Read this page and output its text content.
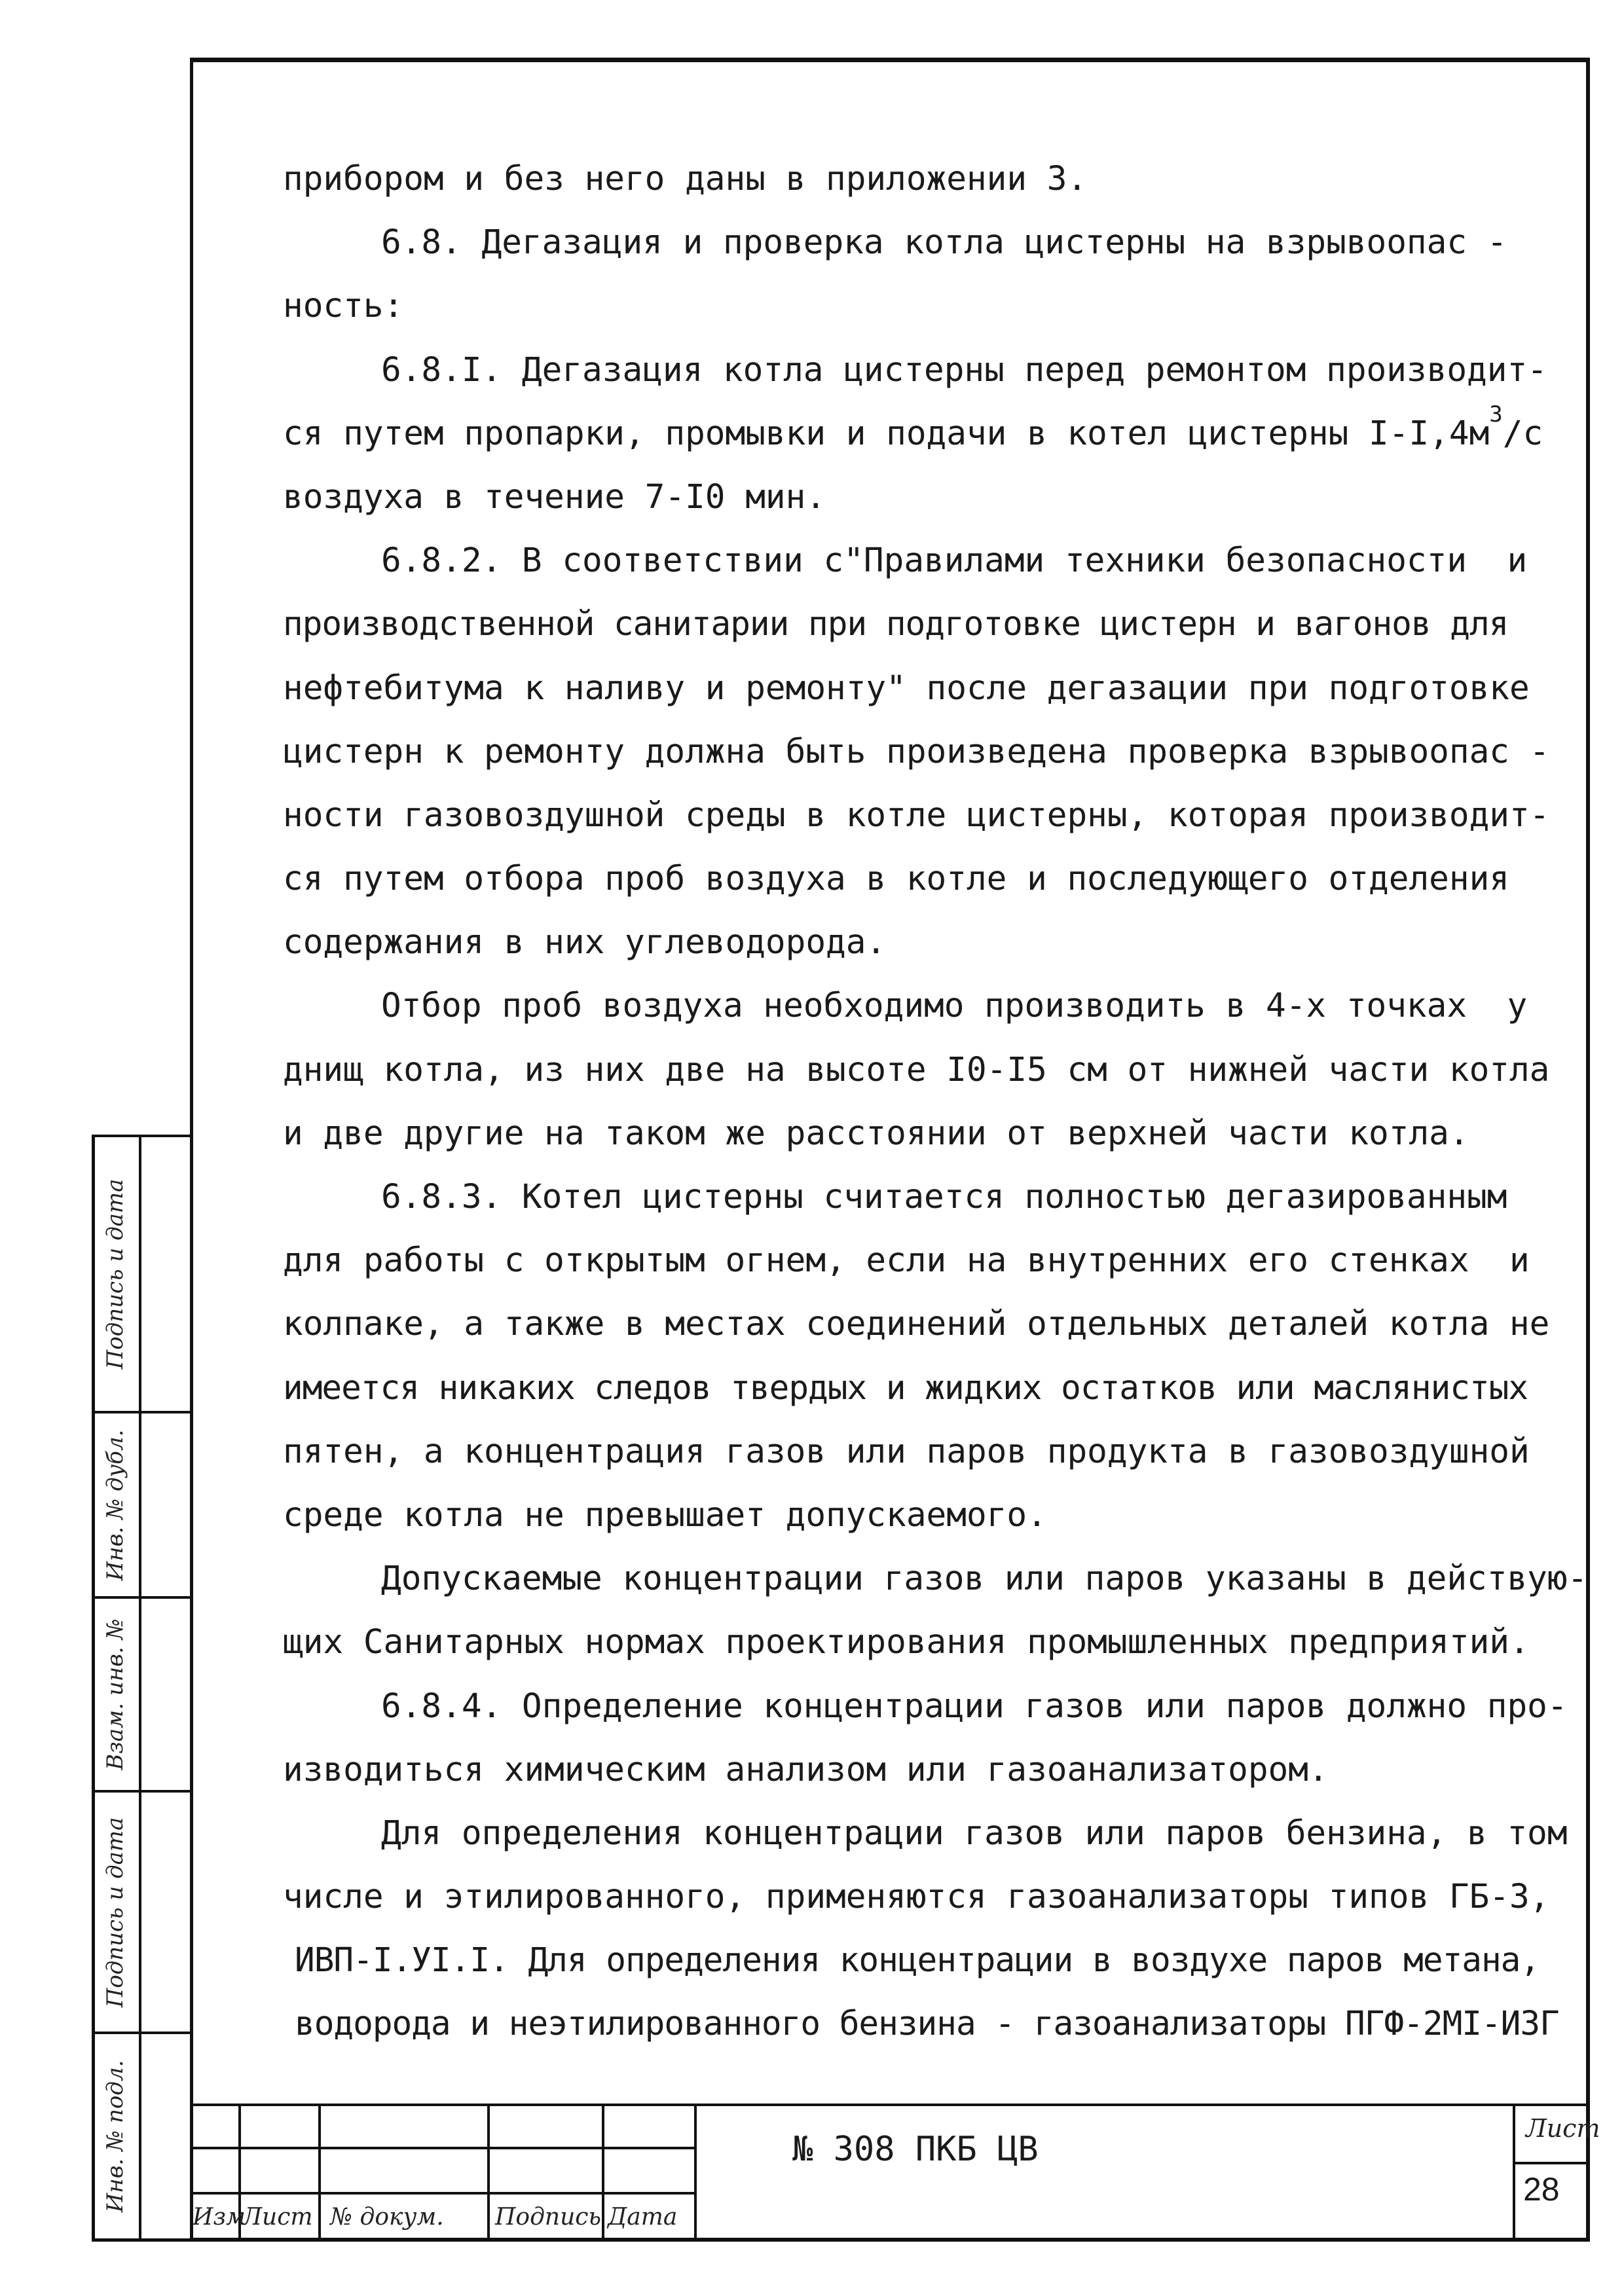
прибором и без него даны в приложении 3.
6.8. Дегазация и проверка котла цистерны на взрывоопас -
ность:
6.8.I. Дегазация котла цистерны перед ремонтом производит-
ся путем пропарки, промывки и подачи в котел цистерны $I-I,4м^3/с$
воздуха в течение 7-I0 мин.
6.8.2. В соответствии с"Правилами техники безопасности  и
производственной санитарии при подготовке цистерн и вагонов для
нефтебитума к наливу и ремонту" после дегазации при подготовке
цистерн к ремонту должна быть произведена проверка взрывоопас -
ности газовоздушной среды в котле цистерны, которая производит-
ся путем отбора проб воздуха в котле и последующего отделения
содержания в них углеводорода.
Отбор проб воздуха необходимо производить в 4-х точках  у
днищ котла, из них две на высоте I0-I5 см от нижней части котла
и две другие на таком же расстоянии от верхней части котла.
6.8.3. Котел цистерны считается полностью дегазированным
для работы с открытым огнем, если на внутренних его стенках  и
колпаке, а также в местах соединений отдельных деталей котла не
имеется никаких следов твердых и жидких остатков или маслянистых
пятен, а концентрация газов или паров продукта в газовоздушной
среде котла не превышает допускаемого.
Допускаемые концентрации газов или паров указаны в действую-
щих Санитарных нормах проектирования промышленных предприятий.
6.8.4. Определение концентрации газов или паров должно про-
изводиться химическим анализом или газоанализатором.
Для определения концентрации газов или паров бензина, в том
числе и этилированного, применяются газоанализаторы типов ГБ-3,
ИВП-I.УI.I. Для определения концентрации в воздухе паров метана,
водорода и неэтилированного бензина - газоанализаторы ПГФ-2МI-ИЗГ
Подпись и дата
Инв. № дубл.
Взам. инв. №
Подпись и дата
Инв. № подл.
Изм
Лист № докум. Подпись Дата
№ 308 ПКБ ЦВ
Лист
28
